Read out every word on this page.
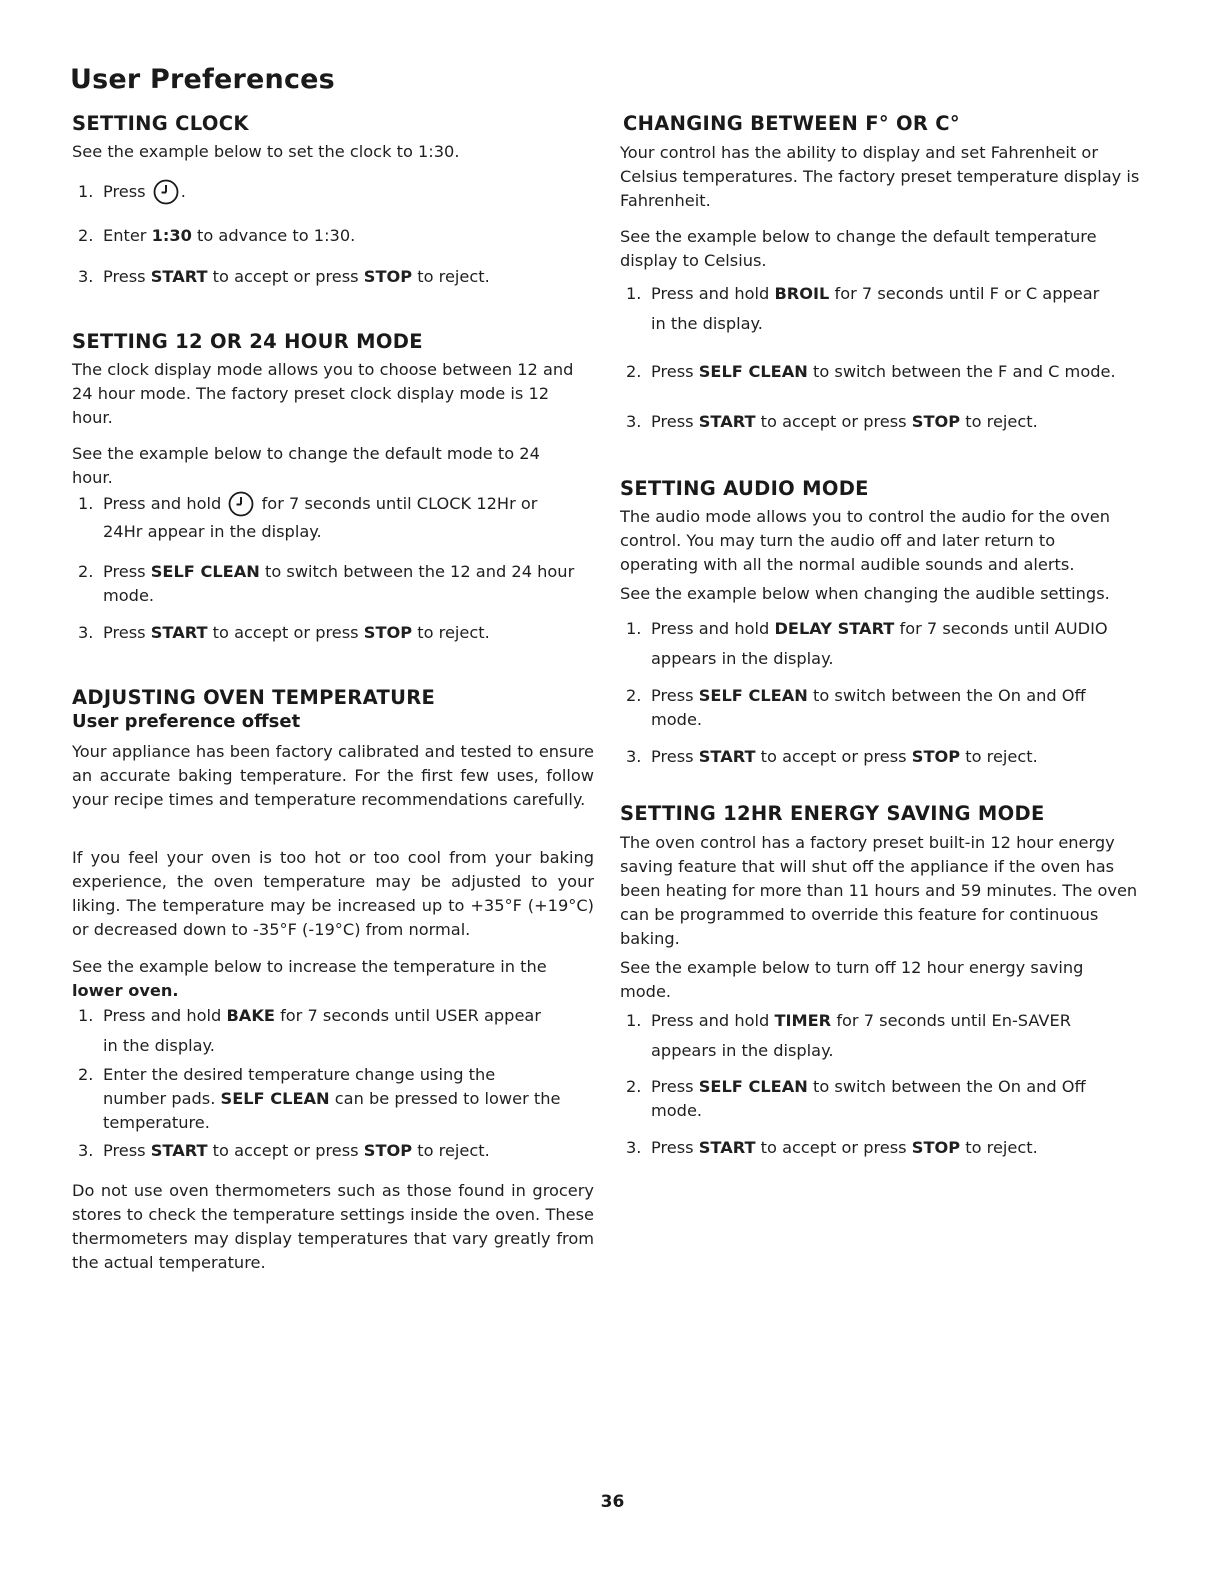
User Preferences
SETTING CLOCK

See the example below to set the clock to 1:30.

1. Press .
2. Enter 1:30 to advance to 1:30.
3. Press START to accept or press STOP to reject.
SETTING 12 OR 24 HOUR MODE

The clock display mode allows you to choose between 12 and 24 hour mode. The factory preset clock display mode is 12 hour.

See the example below to change the default mode to 24 hour.

1. Press and hold for 7 seconds until CLOCK 12Hr or
24Hr appear in the display.
2. Press SELF CLEAN to switch between the 12 and 24 hour
mode.
3. Press START to accept or press STOP to reject.
ADJUSTING OVEN TEMPERATURE
User preference offset

Your appliance has been factory calibrated and tested to ensure an accurate baking temperature. For the first few uses, follow your recipe times and temperature recommendations carefully.

If you feel your oven is too hot or too cool from your baking experience, the oven temperature may be adjusted to your liking. The temperature may be increased up to +35°F (+19°C) or decreased down to -35°F (-19°C) from normal.

See the example below to increase the temperature in the lower oven.

1. Press and hold BAKE for 7 seconds until USER appear
in the display.
2. Enter the desired temperature change using the
number pads. SELF CLEAN can be pressed to lower the
temperature.
3. Press START to accept or press STOP to reject.

Do not use oven thermometers such as those found in grocery stores to check the temperature settings inside the oven. These thermometers may display temperatures that vary greatly from the actual temperature.

CHANGING BETWEEN F° OR C°

Your control has the ability to display and set Fahrenheit or Celsius temperatures. The factory preset temperature display is Fahrenheit.

See the example below to change the default temperature display to Celsius.

1. Press and hold BROIL for 7 seconds until F or C appear
in the display.
2. Press SELF CLEAN to switch between the F and C mode.
3. Press START to accept or press STOP to reject.
SETTING AUDIO MODE

The audio mode allows you to control the audio for the oven control. You may turn the audio off and later return to operating with all the normal audible sounds and alerts.

See the example below when changing the audible settings.

1. Press and hold DELAY START for 7 seconds until AUDIO
appears in the display.
2. Press SELF CLEAN to switch between the On and Off
mode.
3. Press START to accept or press STOP to reject.
SETTING 12HR ENERGY SAVING MODE

The oven control has a factory preset built-in 12 hour energy saving feature that will shut off the appliance if the oven has been heating for more than 11 hours and 59 minutes. The oven can be programmed to override this feature for continuous baking.

See the example below to turn off 12 hour energy saving mode.

1. Press and hold TIMER for 7 seconds until En-SAVER
appears in the display.
2. Press SELF CLEAN to switch between the On and Off
mode.
3. Press START to accept or press STOP to reject.
36
